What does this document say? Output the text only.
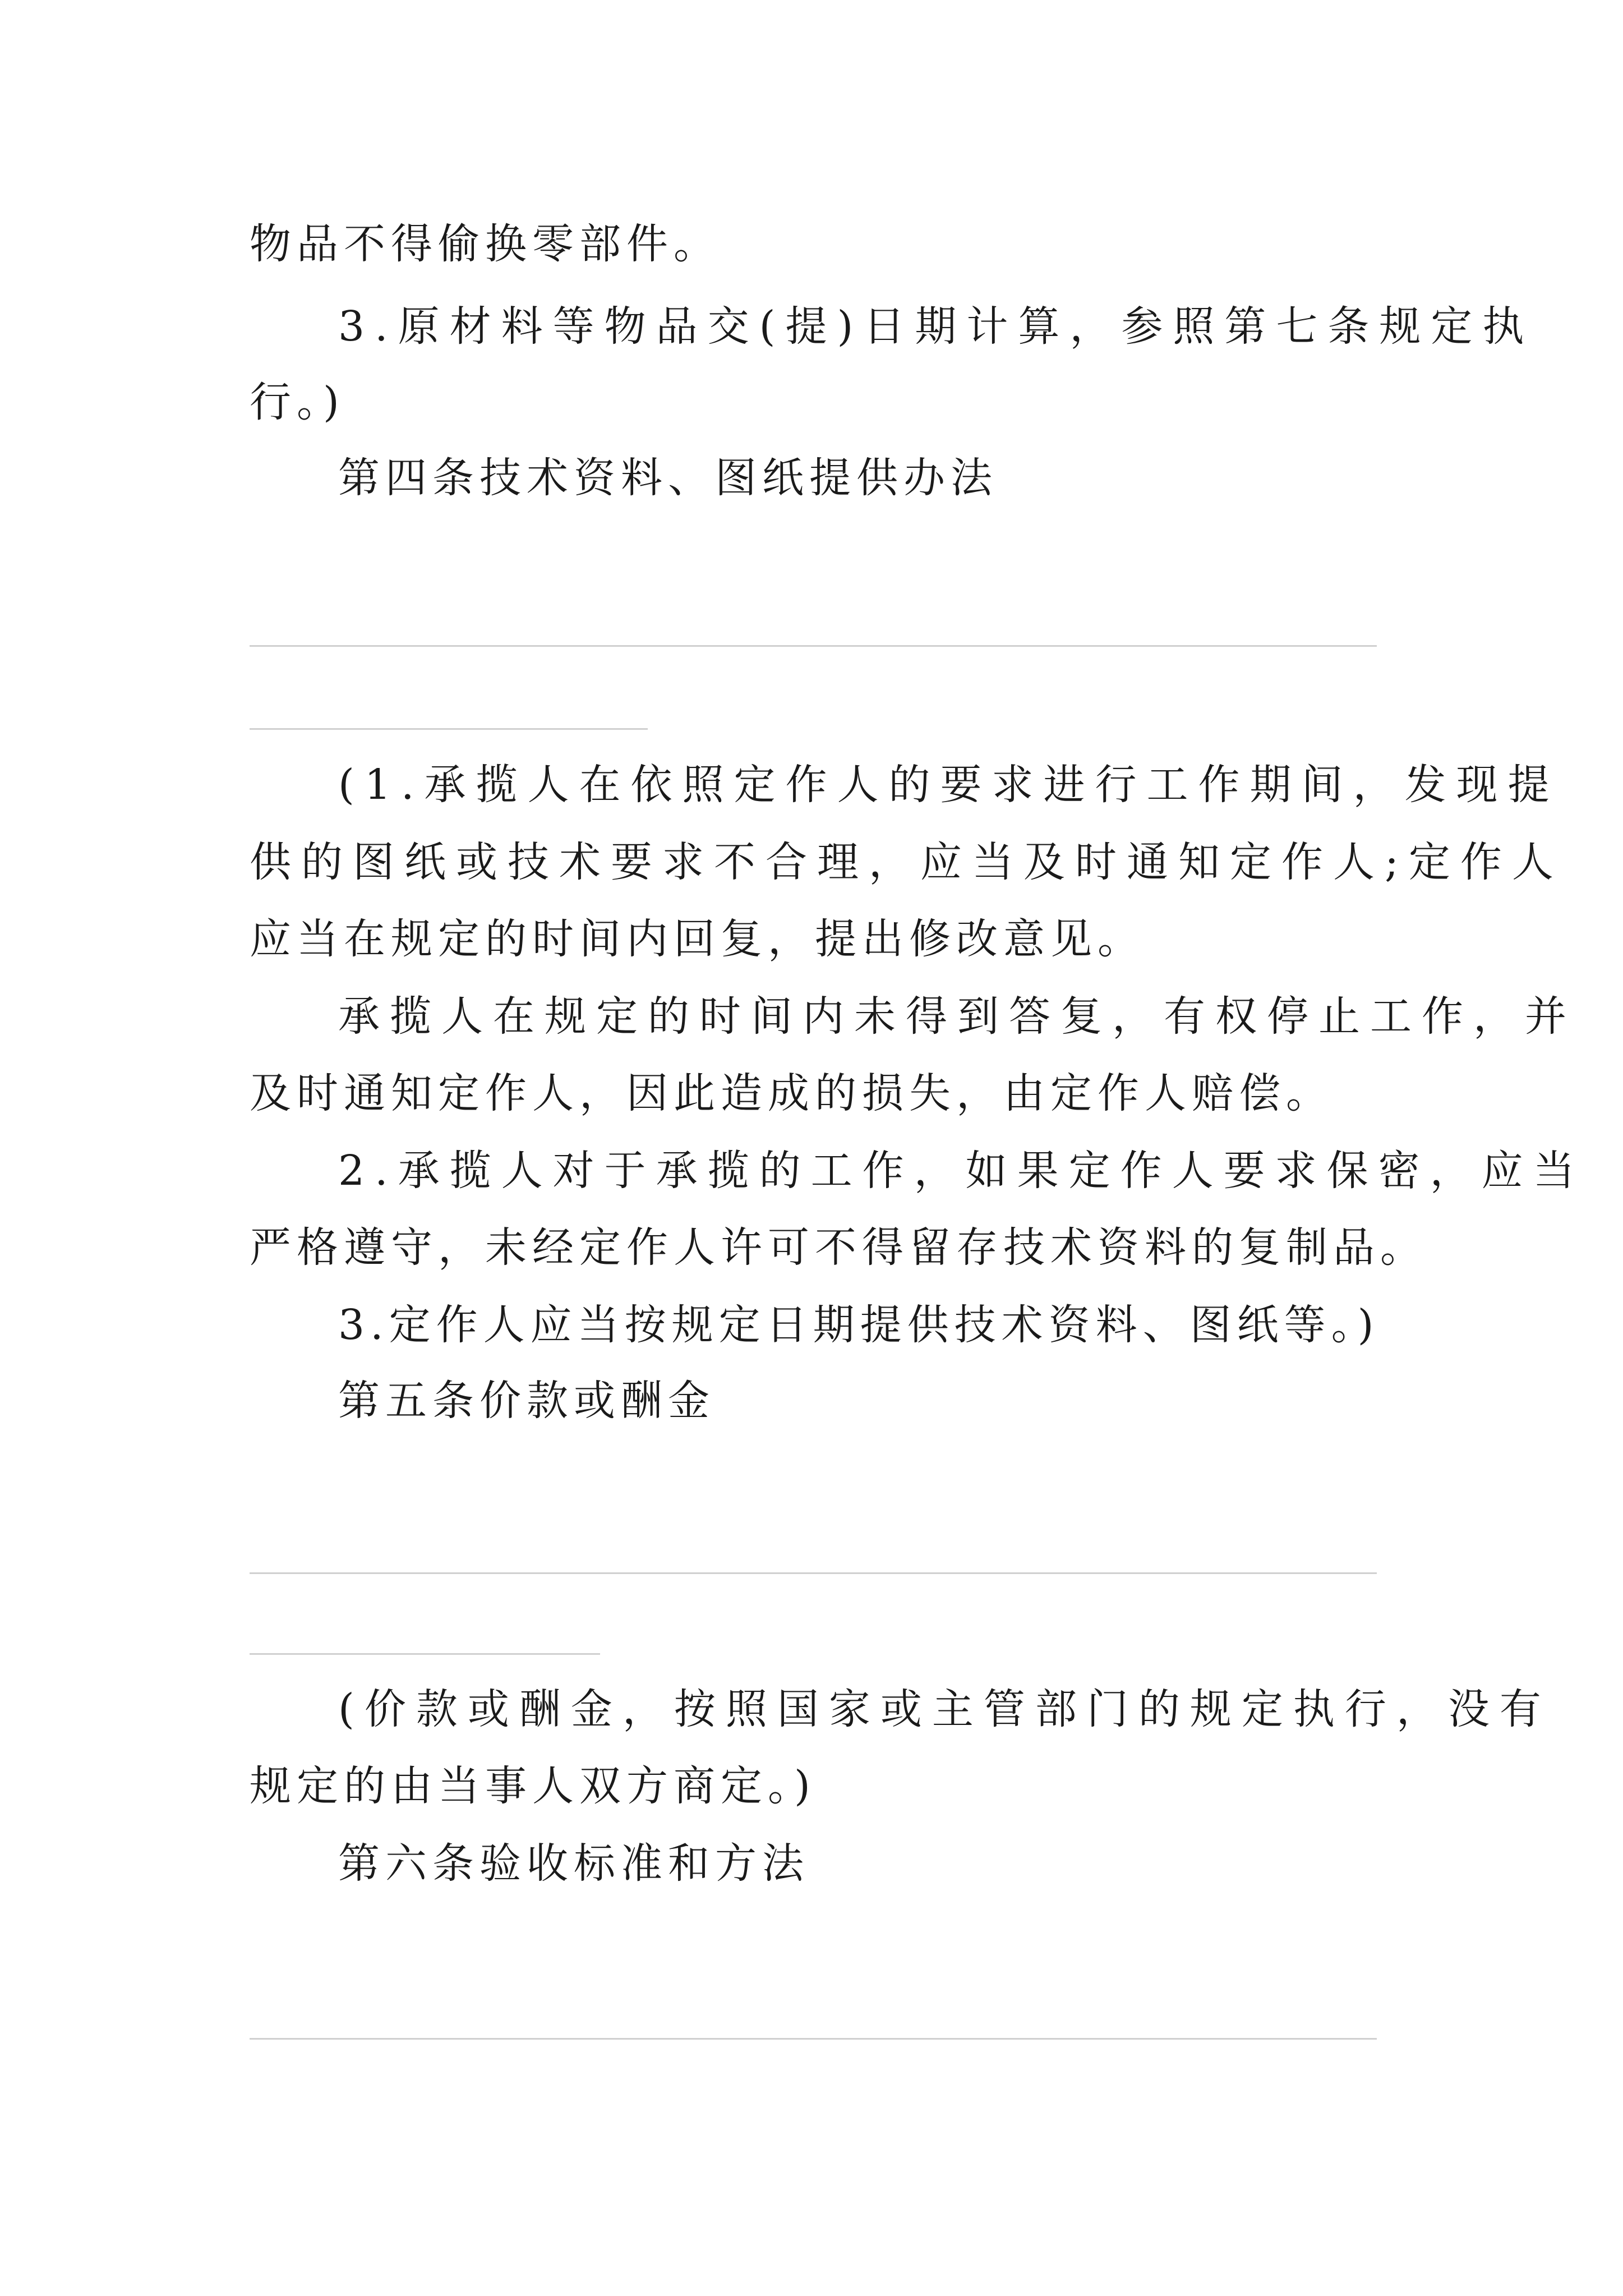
物品不得偷换零部件。
3.原材料等物品交(提)日期计算，参照第七条规定执
行。)
第四条技术资料、图纸提供办法
(1.承揽人在依照定作人的要求进行工作期间，发现提
供的图纸或技术要求不合理，应当及时通知定作人;定作人
应当在规定的时间内回复，提出修改意见。
承揽人在规定的时间内未得到答复，有权停止工作，并
及时通知定作人，因此造成的损失，由定作人赔偿。
2.承揽人对于承揽的工作，如果定作人要求保密，应当
严格遵守，未经定作人许可不得留存技术资料的复制品。
3.定作人应当按规定日期提供技术资料、图纸等。)
第五条价款或酬金
(价款或酬金，按照国家或主管部门的规定执行，没有
规定的由当事人双方商定。)
第六条验收标准和方法
